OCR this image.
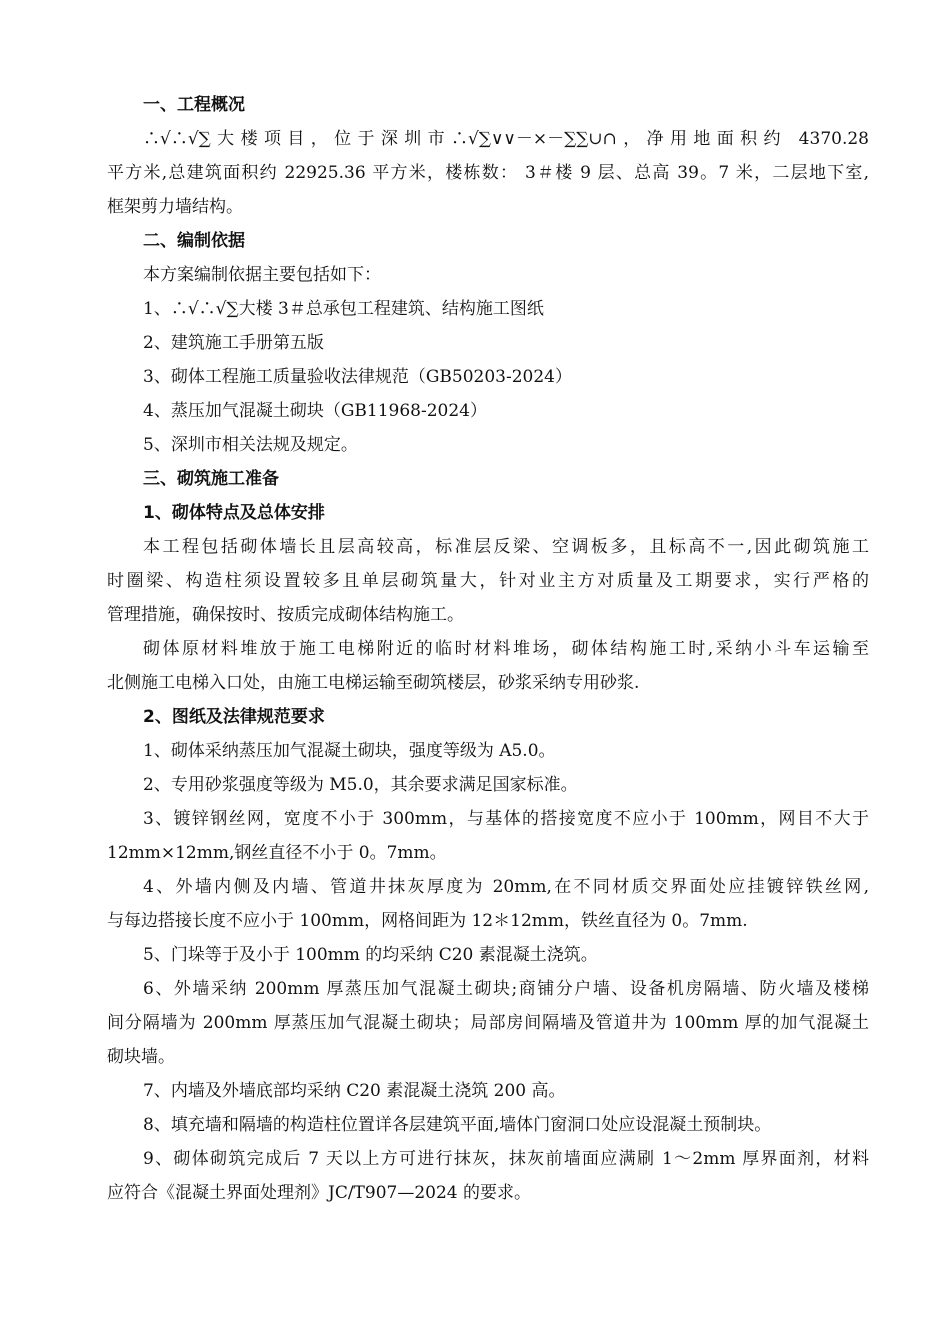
一、工程概况
∴√∴√∑大楼项目，位于深圳市∴√∑∨∨－×－∑∑∪∩，净用地面积约 4370.28
平方米,总建筑面积约 22925.36 平方米，楼栋数： 3＃楼 9 层、总高 39。7 米，二层地下室,
框架剪力墙结构。
二、编制依据
本方案编制依据主要包括如下：
1、∴√∴√∑大楼 3＃总承包工程建筑、结构施工图纸
2、建筑施工手册第五版
3、砌体工程施工质量验收法律规范（GB50203-2024）
4、蒸压加气混凝土砌块（GB11968-2024）
5、深圳市相关法规及规定。
三、砌筑施工准备
1、砌体特点及总体安排
本工程包括砌体墙长且层高较高，标准层反梁、空调板多，且标高不一,因此砌筑施工
时圈梁、构造柱须设置较多且单层砌筑量大，针对业主方对质量及工期要求，实行严格的
管理措施，确保按时、按质完成砌体结构施工。
砌体原材料堆放于施工电梯附近的临时材料堆场，砌体结构施工时,采纳小斗车运输至
北侧施工电梯入口处，由施工电梯运输至砌筑楼层，砂浆采纳专用砂浆.
2、图纸及法律规范要求
1、砌体采纳蒸压加气混凝土砌块，强度等级为 A5.0。
2、专用砂浆强度等级为 M5.0，其余要求满足国家标准。
3、镀锌钢丝网，宽度不小于 300mm，与基体的搭接宽度不应小于 100mm，网目不大于
12mm×12mm,钢丝直径不小于 0。7mm。
4、外墙内侧及内墙、管道井抹灰厚度为 20mm,在不同材质交界面处应挂镀锌铁丝网,
与每边搭接长度不应小于 100mm，网格间距为 12＊12mm，铁丝直径为 0。7mm.
5、门垛等于及小于 100mm 的均采纳 C20 素混凝土浇筑。
6、外墙采纳 200mm 厚蒸压加气混凝土砌块;商铺分户墙、设备机房隔墙、防火墙及楼梯
间分隔墙为 200mm 厚蒸压加气混凝土砌块；局部房间隔墙及管道井为 100mm 厚的加气混凝土
砌块墙。
7、内墙及外墙底部均采纳 C20 素混凝土浇筑 200 高。
8、填充墙和隔墙的构造柱位置详各层建筑平面,墙体门窗洞口处应设混凝土预制块。
9、砌体砌筑完成后 7 天以上方可进行抹灰，抹灰前墙面应满刷 1～2mm 厚界面剂，材料
应符合《混凝土界面处理剂》JC/T907—2024 的要求。
